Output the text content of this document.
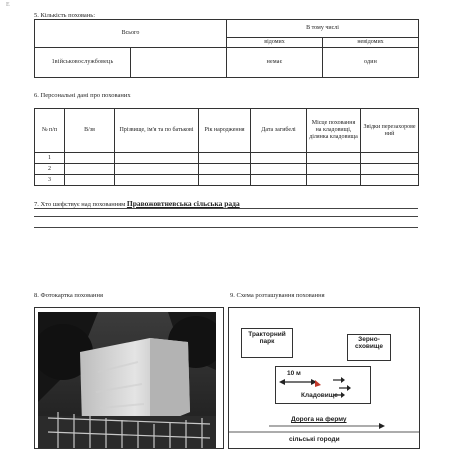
E
5. Кількість поховань:
Всього		В тому числі	
		відомих	невідомих
1військовослужбовець		немає	один
6. Персональні дані про похованих
№ п/п	В/зв	Прізвище, ім'я та по батькові	Рік народження	Дата загибелі	Місце поховання на кладовищі, ділянка кладовища	Звідки перезахорове ний
1						
2						
3						
7. Хто шефствує над похованням Правожовтневська сільська рада
8. Фотокартка поховання	9. Схема розташування поховання
Тракторний парк	Зерно-сховище
10 м
Кладовище
Дорога на ферму
сільські городи
